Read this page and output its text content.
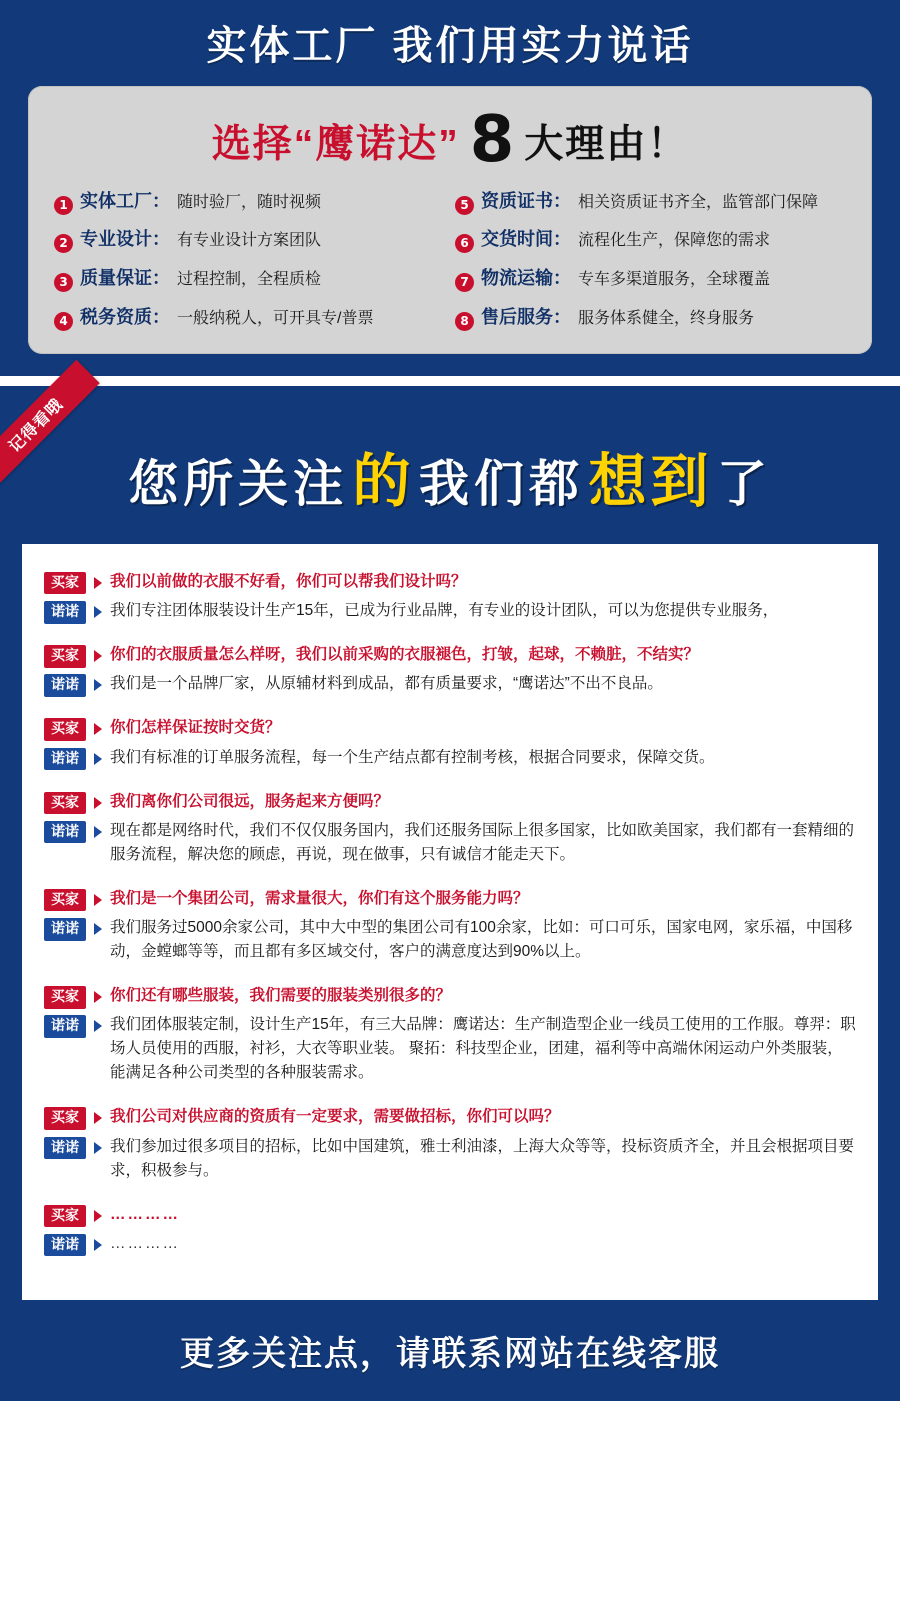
实体工厂 我们用实力说话
选择“鹰诺达” 8 大理由！
1 实体工厂： 随时验厂，随时视频	5 资质证书： 相关资质证书齐全，监管部门保障
2 专业设计： 有专业设计方案团队	6 交货时间： 流程化生产，保障您的需求
3 质量保证： 过程控制，全程质检	7 物流运输： 专车多渠道服务，全球覆盖
4 税务资质： 一般纳税人，可开具专/普票	8 售后服务： 服务体系健全，终身服务
记得看哦
您所关注 的 我们都 想到 了
买家	我们以前做的衣服不好看，你们可以帮我们设计吗？
诺诺	我们专注团体服装设计生产15年，已成为行业品牌，有专业的设计团队，可以为您提供专业服务，
买家	你们的衣服质量怎么样呀，我们以前采购的衣服褪色，打皱，起球，不赖脏，不结实？
诺诺	我们是一个品牌厂家，从原辅材料到成品，都有质量要求，“鹰诺达”不出不良品。
买家	你们怎样保证按时交货？
诺诺	我们有标准的订单服务流程，每一个生产结点都有控制考核，根据合同要求，保障交货。
买家	我们离你们公司很远，服务起来方便吗？
诺诺	现在都是网络时代，我们不仅仅服务国内，我们还服务国际上很多国家，比如欧美国家，我们都有一套精细的服务流程，解决您的顾虑，再说，现在做事，只有诚信才能走天下。
买家	我们是一个集团公司，需求量很大，你们有这个服务能力吗？
诺诺	我们服务过5000余家公司，其中大中型的集团公司有100余家，比如：可口可乐，国家电网，家乐福，中国移动，金螳螂等等，而且都有多区域交付，客户的满意度达到90%以上。
买家	你们还有哪些服装，我们需要的服装类别很多的？
诺诺	我们团体服装定制，设计生产15年，有三大品牌：鹰诺达：生产制造型企业一线员工使用的工作服。尊羿：职场人员使用的西服，衬衫，大衣等职业装。 聚拓：科技型企业，团建，福利等中高端休闲运动户外类服装，能满足各种公司类型的各种服装需求。
买家	我们公司对供应商的资质有一定要求，需要做招标，你们可以吗？
诺诺	我们参加过很多项目的招标，比如中国建筑，雅士利油漆，上海大众等等，投标资质齐全，并且会根据项目要求，积极参与。
买家	…………
诺诺	…………
更多关注点，请联系网站在线客服
